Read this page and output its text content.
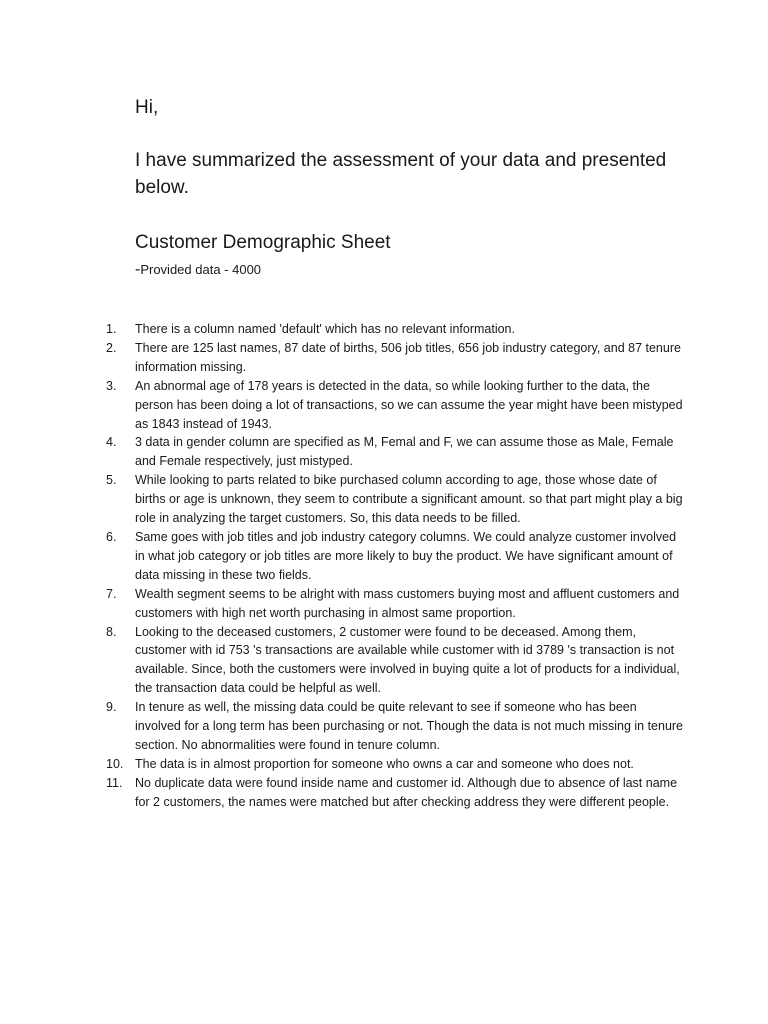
Hi,

I have summarized the assessment of your data and presented below.

Customer Demographic Sheet

-Provided data - 4000

1.	There is a column named 'default' which has no relevant information.
2.	There are 125 last names, 87 date of births, 506 job titles, 656 job industry category, and 87 tenure information missing.
3.	An abnormal age of 178 years is detected in the data, so while looking further to the data, the person has been doing a lot of transactions, so we can assume the year might have been mistyped as 1843 instead of 1943.
4.	3 data in gender column are specified as M, Femal and F, we can assume those as Male, Female and Female respectively, just mistyped.
5.	While looking to parts related to bike purchased column according to age, those whose date of births or age is unknown, they seem to contribute a significant amount. so that part might play a big role in analyzing the target customers. So, this data needs to be filled.
6.	Same goes with job titles and job industry category columns. We could analyze customer involved in what job category or job titles are more likely to buy the product. We have significant amount of data missing in these two fields.
7.	Wealth segment seems to be alright with mass customers buying most and affluent customers and customers with high net worth purchasing in almost same proportion.
8.	Looking to the deceased customers, 2 customer were found to be deceased. Among them, customer with id 753 's transactions are available while customer with id 3789 's transaction is not available. Since, both the customers were involved in buying quite a lot of products for a individual, the transaction data could be helpful as well.
9.	In tenure as well, the missing data could be quite relevant to see if someone who has been involved for a long term has been purchasing or not. Though the data is not much missing in tenure section. No abnormalities were found in tenure column.
10. The data is in almost proportion for someone who owns a car and someone who does not.
11.	No duplicate data were found inside name and customer id. Although due to absence of last name for 2 customers, the names were matched but after checking address they were different people.
